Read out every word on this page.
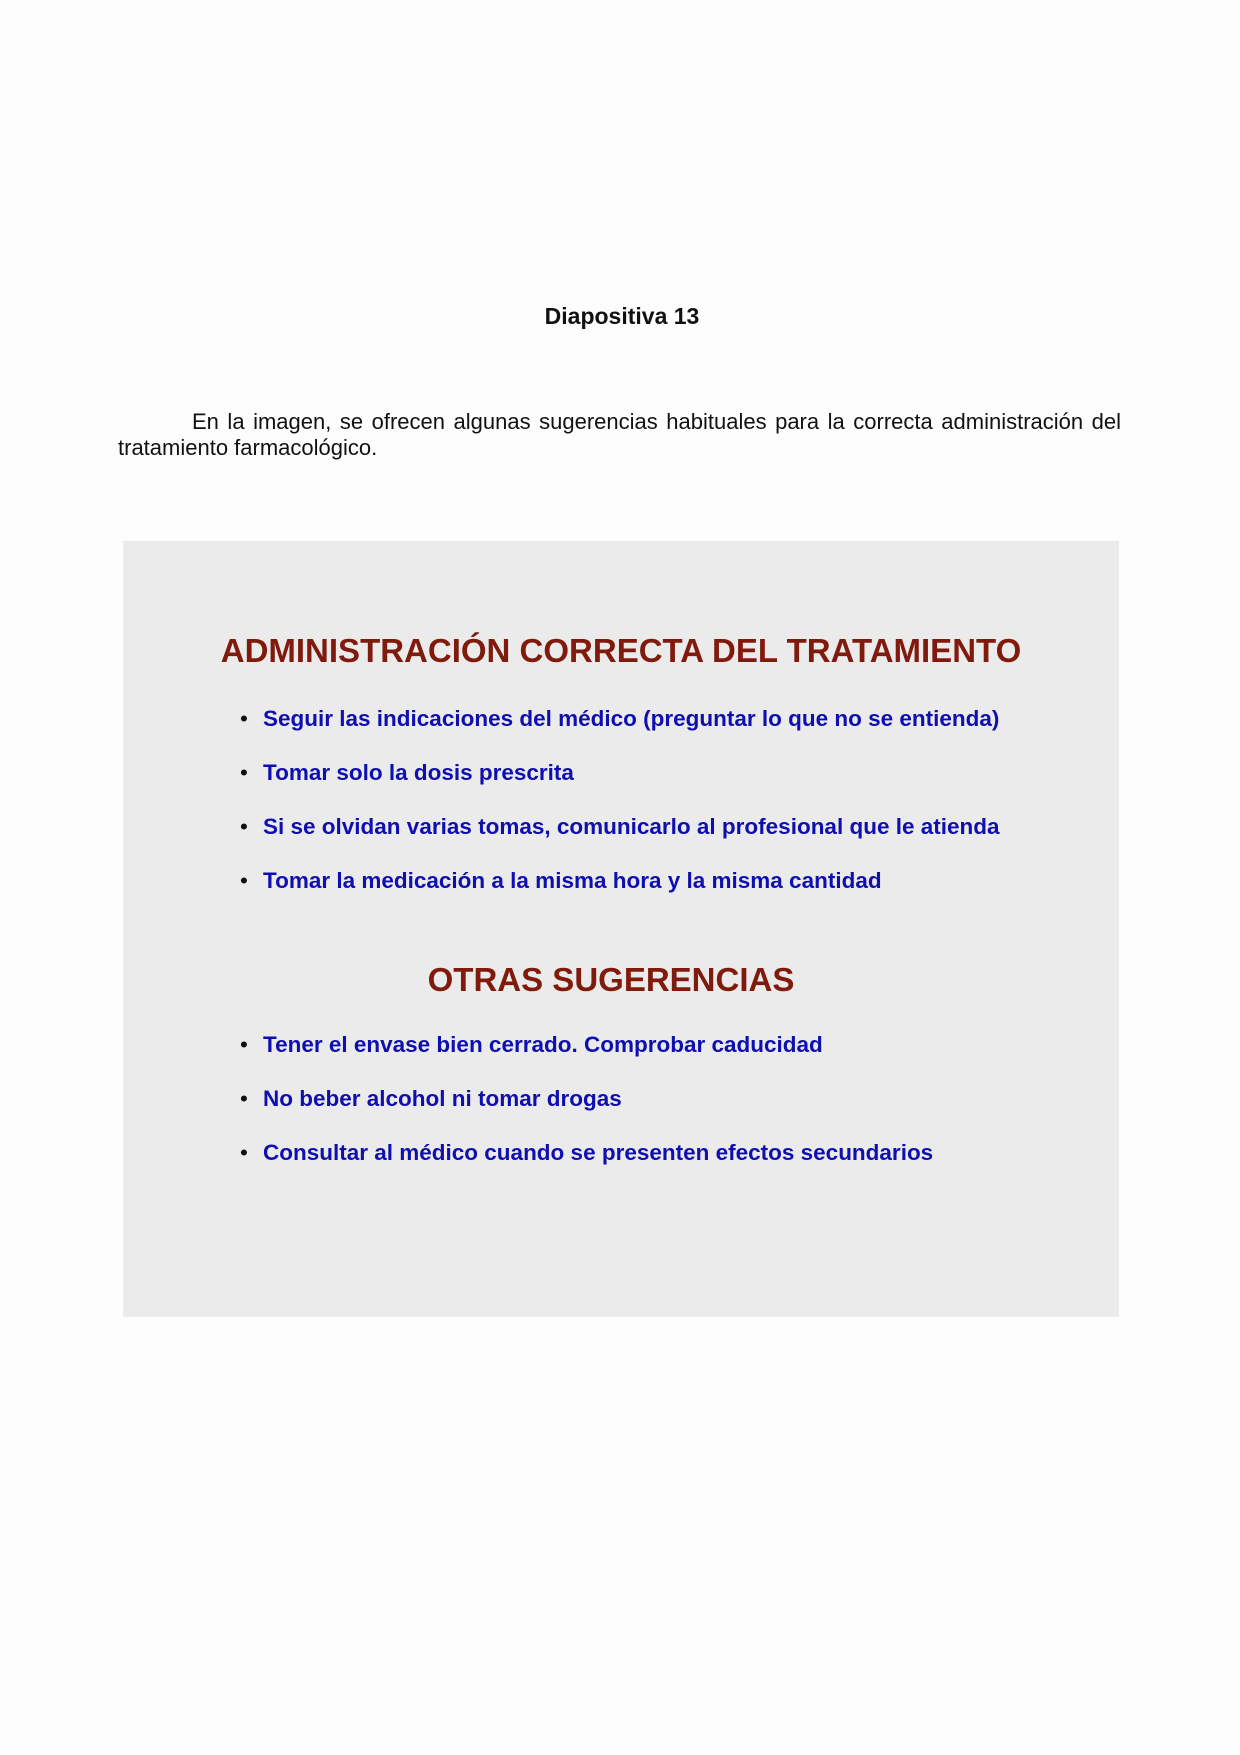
Diapositiva 13

En la imagen, se ofrecen algunas sugerencias habituales para la correcta administración del tratamiento farmacológico.

ADMINISTRACIÓN CORRECTA DEL TRATAMIENTO
• Seguir las indicaciones del médico (preguntar lo que no se entienda)
• Tomar solo la dosis prescrita
• Si se olvidan varias tomas, comunicarlo al profesional que le atienda
• Tomar la medicación a la misma hora y la misma cantidad
OTRAS SUGERENCIAS
• Tener el envase bien cerrado. Comprobar caducidad
• No beber alcohol ni tomar drogas
• Consultar al médico cuando se presenten efectos secundarios
